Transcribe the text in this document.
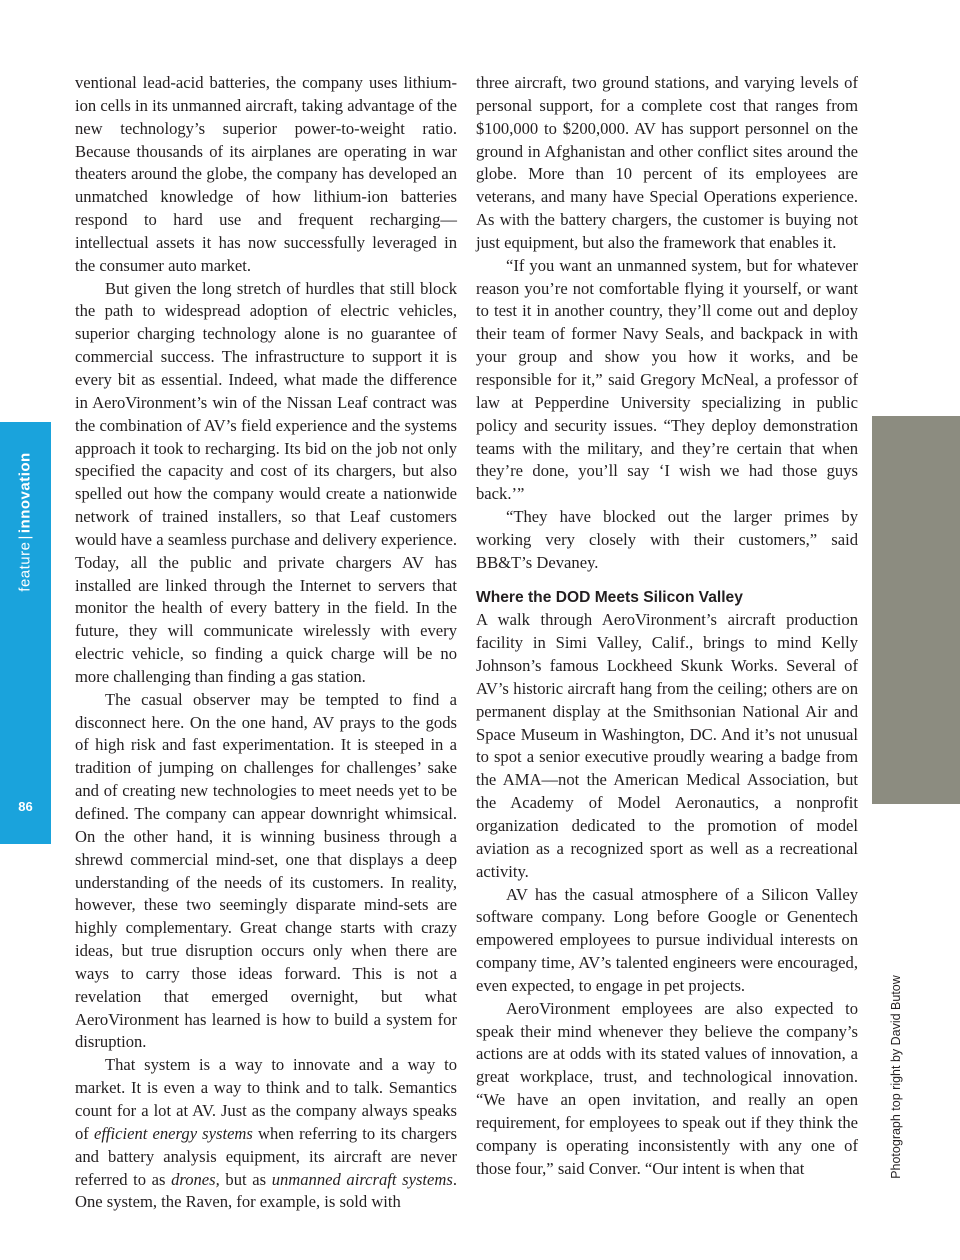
feature|innovation
86
Photograph top right by David Butow

ventional lead-acid batteries, the company uses lithium-ion cells in its unmanned aircraft, taking advantage of the new technology’s superior power-to-weight ratio. Because thousands of its airplanes are operating in war theaters around the globe, the company has developed an unmatched knowledge of how lithium-ion batteries respond to hard use and frequent recharging—intellectual assets it has now successfully leveraged in the consumer auto market.

But given the long stretch of hurdles that still block the path to widespread adoption of electric vehicles, superior charging technology alone is no guarantee of commercial success. The infrastructure to support it is every bit as essential. Indeed, what made the difference in AeroVironment’s win of the Nissan Leaf contract was the combination of AV’s field experience and the systems approach it took to recharging. Its bid on the job not only specified the capacity and cost of its chargers, but also spelled out how the company would create a nationwide network of trained installers, so that Leaf customers would have a seamless purchase and delivery experience. Today, all the public and private chargers AV has installed are linked through the Internet to servers that monitor the health of every battery in the field. In the future, they will communicate wirelessly with every electric vehicle, so finding a quick charge will be no more challenging than finding a gas station.

The casual observer may be tempted to find a disconnect here. On the one hand, AV prays to the gods of high risk and fast experimentation. It is steeped in a tradition of jumping on challenges for challenges’ sake and of creating new technologies to meet needs yet to be defined. The company can appear downright whimsical. On the other hand, it is winning business through a shrewd commercial mind-set, one that displays a deep understanding of the needs of its customers. In reality, however, these two seemingly disparate mind-sets are highly complementary. Great change starts with crazy ideas, but true disruption occurs only when there are ways to carry those ideas forward. This is not a revelation that emerged overnight, but what AeroVironment has learned is how to build a system for disruption.

That system is a way to innovate and a way to market. It is even a way to think and to talk. Semantics count for a lot at AV. Just as the company always speaks of efficient energy systems when referring to its chargers and battery analysis equipment, its aircraft are never referred to as drones, but as unmanned aircraft systems. One system, the Raven, for example, is sold with

three aircraft, two ground stations, and varying levels of personal support, for a complete cost that ranges from $100,000 to $200,000. AV has support personnel on the ground in Afghanistan and other conflict sites around the globe. More than 10 percent of its employees are veterans, and many have Special Operations experience. As with the battery chargers, the customer is buying not just equipment, but also the framework that enables it.

“If you want an unmanned system, but for whatever reason you’re not comfortable flying it yourself, or want to test it in another country, they’ll come out and deploy their team of former Navy Seals, and backpack in with your group and show you how it works, and be responsible for it,” said Gregory McNeal, a professor of law at Pepperdine University specializing in public policy and security issues. “They deploy demonstration teams with the military, and they’re certain that when they’re done, you’ll say ‘I wish we had those guys back.’”

“They have blocked out the larger primes by working very closely with their customers,” said BB&T’s Devaney.

Where the DOD Meets Silicon Valley

A walk through AeroVironment’s aircraft production facility in Simi Valley, Calif., brings to mind Kelly Johnson’s famous Lockheed Skunk Works. Several of AV’s historic aircraft hang from the ceiling; others are on permanent display at the Smithsonian National Air and Space Museum in Washington, DC. And it’s not unusual to spot a senior executive proudly wearing a badge from the AMA—not the American Medical Association, but the Academy of Model Aeronautics, a nonprofit organization dedicated to the promotion of model aviation as a recognized sport as well as a recreational activity.

AV has the casual atmosphere of a Silicon Valley software company. Long before Google or Genentech empowered employees to pursue individual interests on company time, AV’s talented engineers were encouraged, even expected, to engage in pet projects.

AeroVironment employees are also expected to speak their mind whenever they believe the company’s actions are at odds with its stated values of innovation, a great workplace, trust, and technological innovation. “We have an open invitation, and really an open requirement, for employees to speak out if they think the company is operating inconsistently with any one of those four,” said Conver. “Our intent is when that
